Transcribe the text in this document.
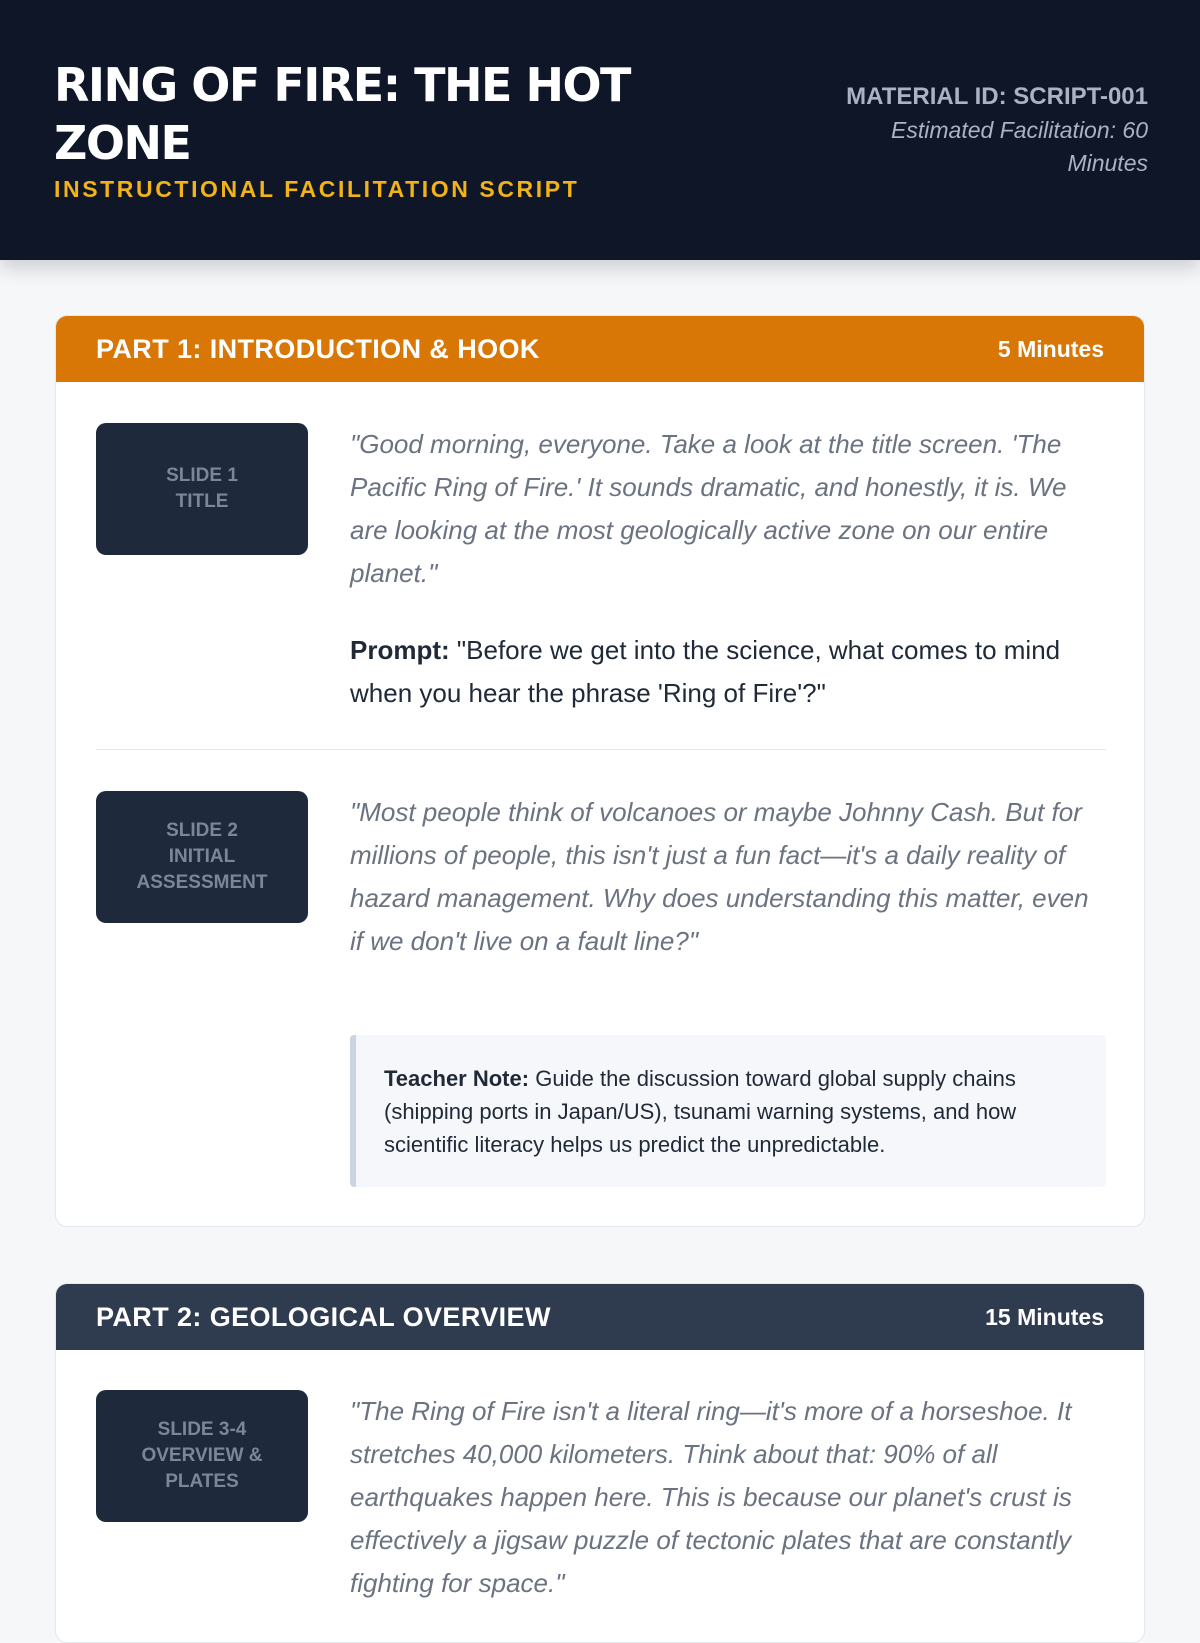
RING OF FIRE: THE HOT ZONE
INSTRUCTIONAL FACILITATION SCRIPT
MATERIAL ID: SCRIPT-001
Estimated Facilitation: 60 Minutes
PART 1: INTRODUCTION & HOOK	5 Minutes
SLIDE 1
TITLE

"Good morning, everyone. Take a look at the title screen. 'The Pacific Ring of Fire.' It sounds dramatic, and honestly, it is. We are looking at the most geologically active zone on our entire planet."

Prompt: "Before we get into the science, what comes to mind when you hear the phrase 'Ring of Fire'?"

SLIDE 2
INITIAL ASSESSMENT

"Most people think of volcanoes or maybe Johnny Cash. But for millions of people, this isn't just a fun fact—it's a daily reality of hazard management. Why does understanding this matter, even if we don't live on a fault line?"

Teacher Note: Guide the discussion toward global supply chains (shipping ports in Japan/US), tsunami warning systems, and how scientific literacy helps us predict the unpredictable.
PART 2: GEOLOGICAL OVERVIEW	15 Minutes
SLIDE 3-4
OVERVIEW & PLATES

"The Ring of Fire isn't a literal ring—it's more of a horseshoe. It stretches 40,000 kilometers. Think about that: 90% of all earthquakes happen here. This is because our planet's crust is effectively a jigsaw puzzle of tectonic plates that are constantly fighting for space."
